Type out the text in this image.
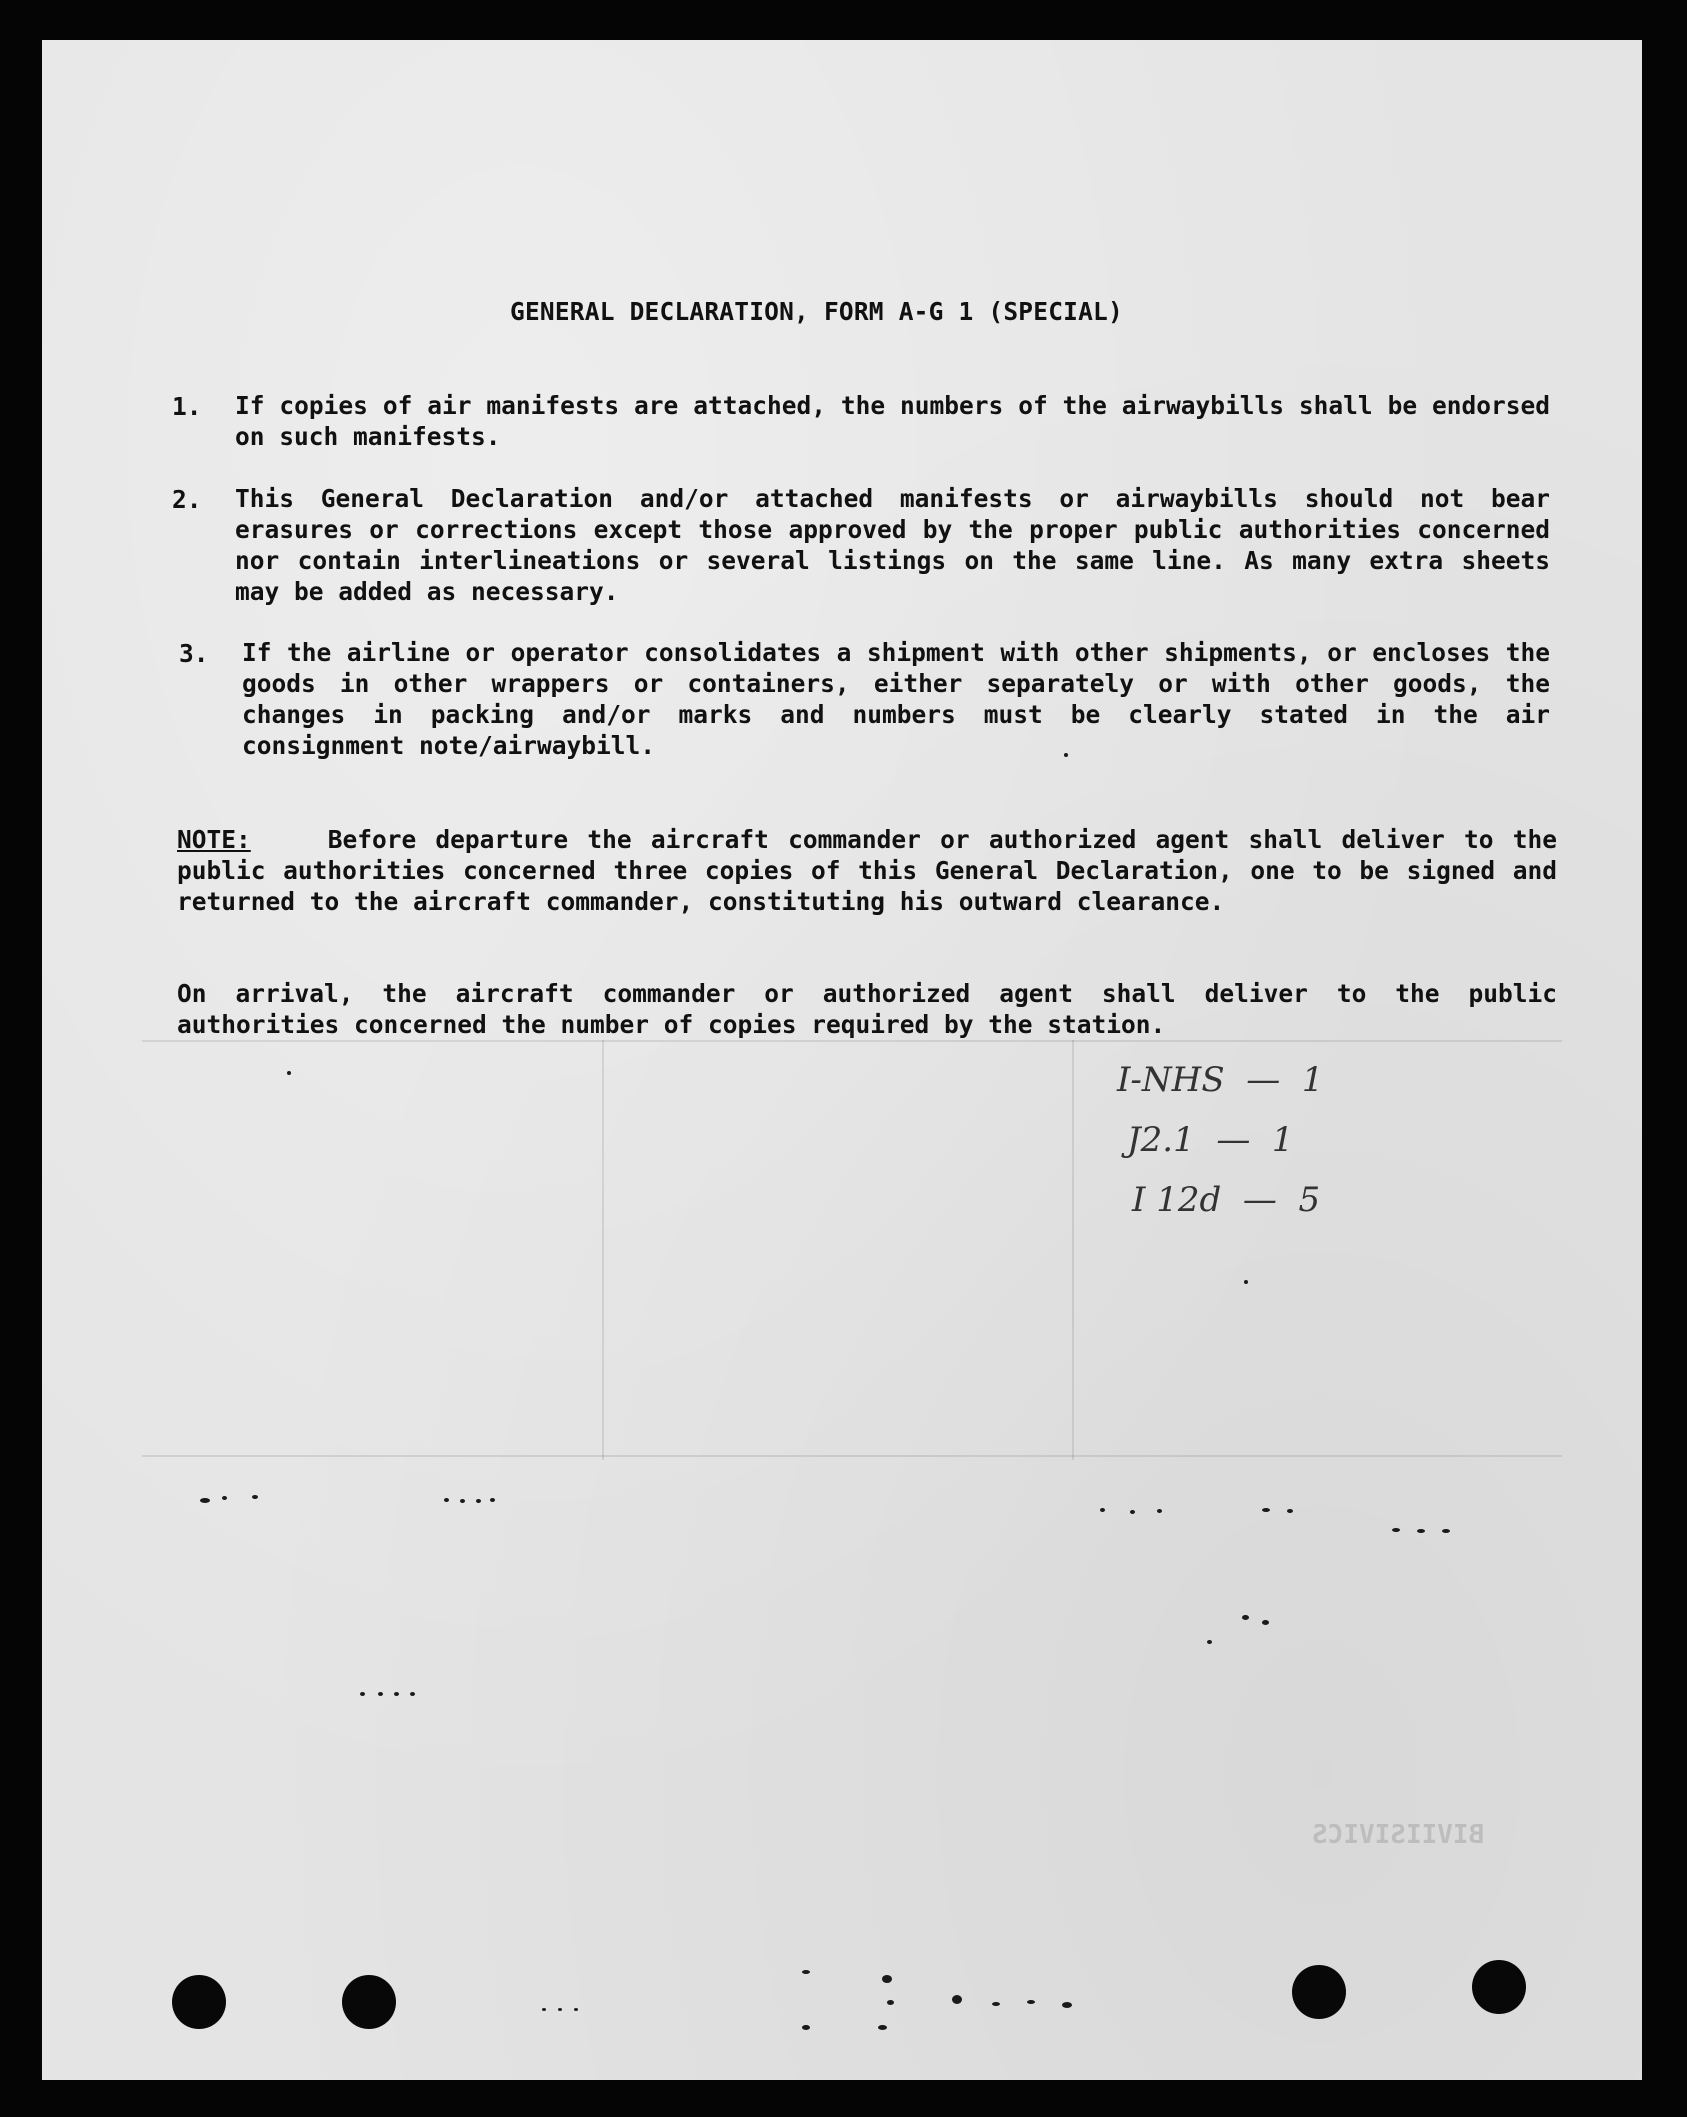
BIVIISIVICS
GENERAL DECLARATION, FORM A-G 1 (SPECIAL)
1. If copies of air manifests are attached, the numbers of the airwaybills shall be endorsed on such manifests.
2. This General Declaration and/or attached manifests or airwaybills should not bear erasures or corrections except those approved by the proper public authorities concerned nor contain interlineations or several listings on the same line. As many extra sheets may be added as necessary.
3. If the airline or operator consolidates a shipment with other shipments, or encloses the goods in other wrappers or containers, either separately or with other goods, the changes in packing and/or marks and numbers must be clearly stated in the air consignment note/airwaybill.
NOTE:	Before departure the aircraft commander or authorized agent shall deliver to the public authorities concerned three copies of this General Declaration, one to be signed and returned to the aircraft commander, constituting his outward clearance.
On arrival, the aircraft commander or authorized agent shall deliver to the public authorities concerned the number of copies required by the station.
I-NHS  —  1
J2.1  —  1
I 12d  —  5
